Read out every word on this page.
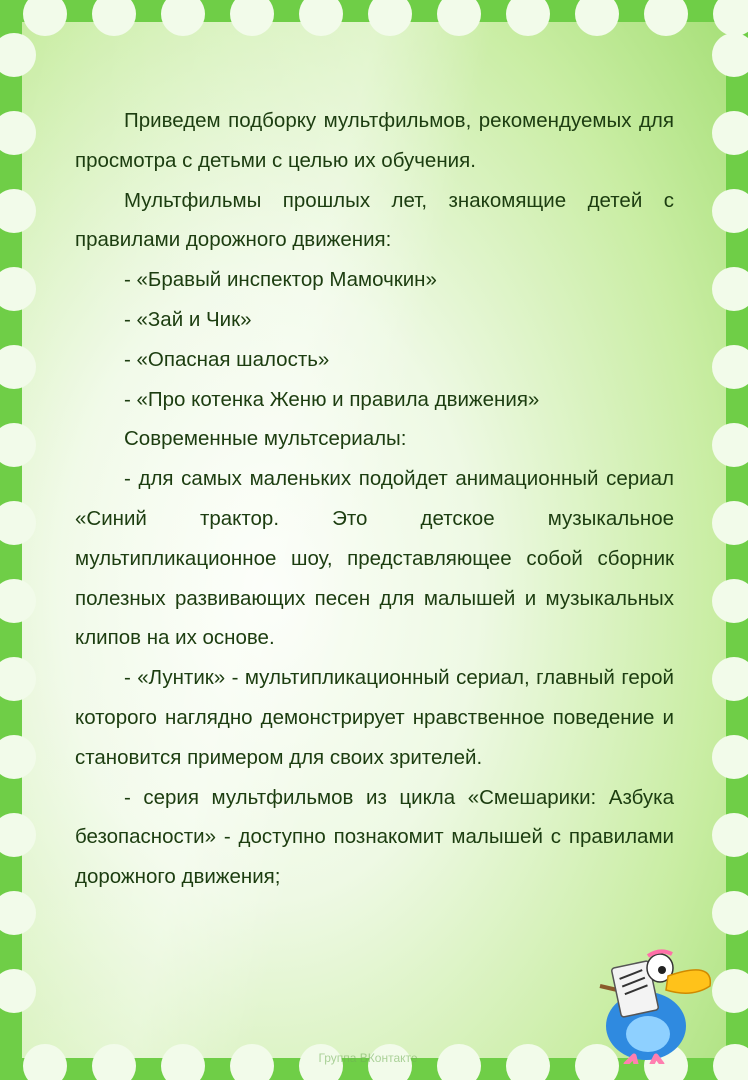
Приведем подборку мультфильмов, рекомендуемых для просмотра с детьми с целью их обучения.

Мультфильмы прошлых лет, знакомящие детей с правилами дорожного движения:

- «Бравый инспектор Мамочкин»

- «Зай и Чик»

- «Опасная шалость»

- «Про котенка Женю и правила движения»

Современные мультсериалы:

- для самых маленьких подойдет анимационный сериал «Синий трактор. Это детское музыкальное мультипликационное шоу, представляющее собой сборник полезных развивающих песен для малышей и музыкальных клипов на их основе.

- «Лунтик» - мультипликационный сериал, главный герой которого наглядно демонстрирует нравственное поведение и становится примером для своих зрителей.

- серия мультфильмов из цикла «Смешарики: Азбука безопасности» - доступно познакомит малышей с правилами дорожного движения;

Группа ВКонтакте
